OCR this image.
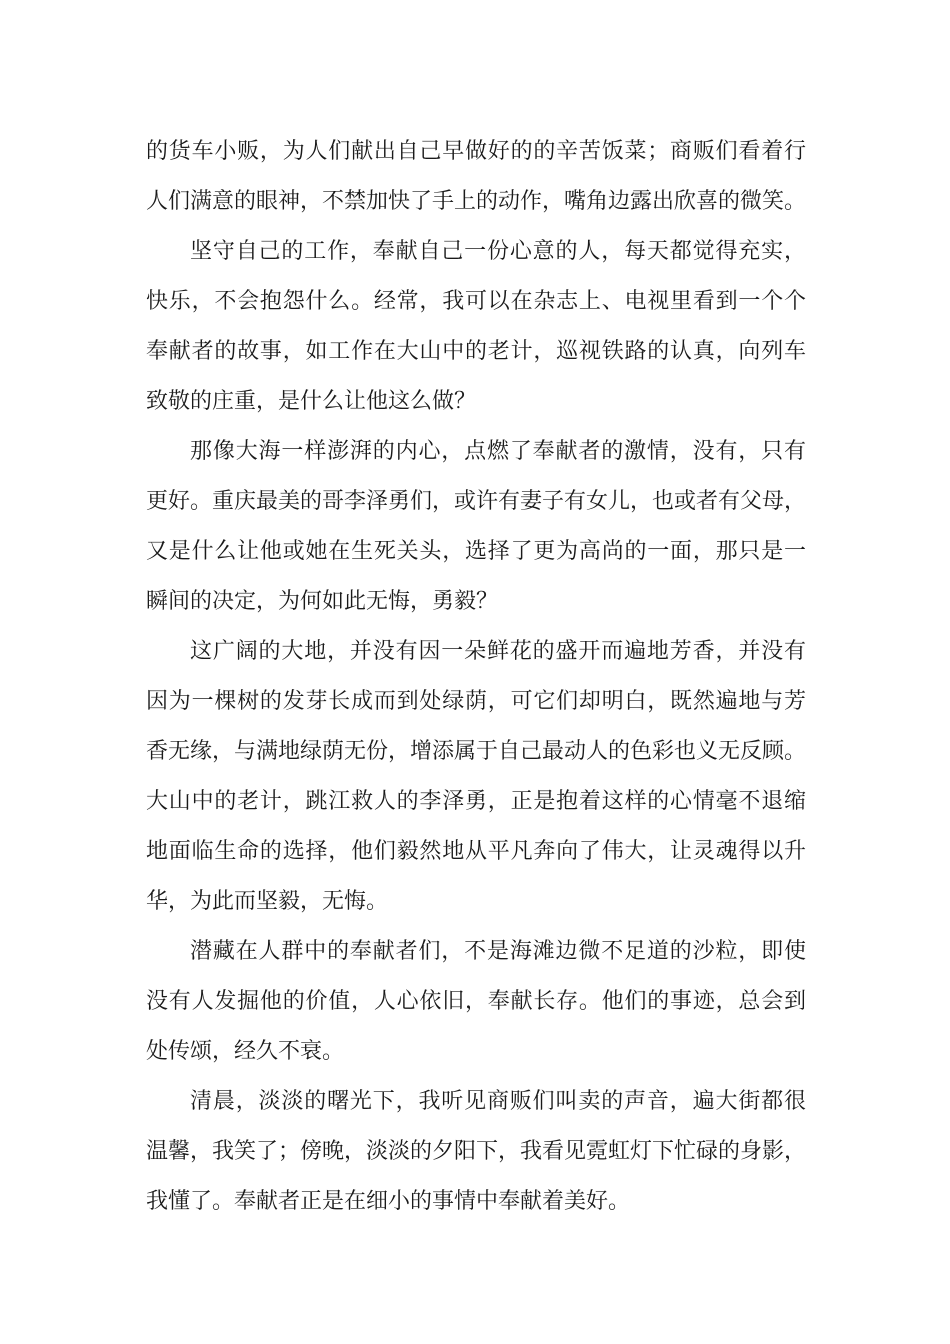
的货车小贩，为人们献出自己早做好的的辛苦饭菜；商贩们看着行
人们满意的眼神，不禁加快了手上的动作，嘴角边露出欣喜的微笑。
坚守自己的工作，奉献自己一份心意的人，每天都觉得充实，
快乐，不会抱怨什么。经常，我可以在杂志上、电视里看到一个个
奉献者的故事，如工作在大山中的老计，巡视铁路的认真，向列车
致敬的庄重，是什么让他这么做？
那像大海一样澎湃的内心，点燃了奉献者的激情，没有，只有
更好。重庆最美的哥李泽勇们，或许有妻子有女儿，也或者有父母，
又是什么让他或她在生死关头，选择了更为高尚的一面，那只是一
瞬间的决定，为何如此无悔，勇毅？
这广阔的大地，并没有因一朵鲜花的盛开而遍地芳香，并没有
因为一棵树的发芽长成而到处绿荫，可它们却明白，既然遍地与芳
香无缘，与满地绿荫无份，增添属于自己最动人的色彩也义无反顾。
大山中的老计，跳江救人的李泽勇，正是抱着这样的心情毫不退缩
地面临生命的选择，他们毅然地从平凡奔向了伟大，让灵魂得以升
华，为此而坚毅，无悔。
潜藏在人群中的奉献者们，不是海滩边微不足道的沙粒，即使
没有人发掘他的价值，人心依旧，奉献长存。他们的事迹，总会到
处传颂，经久不衰。
清晨，淡淡的曙光下，我听见商贩们叫卖的声音，遍大街都很
温馨，我笑了；傍晚，淡淡的夕阳下，我看见霓虹灯下忙碌的身影，
我懂了。奉献者正是在细小的事情中奉献着美好。
